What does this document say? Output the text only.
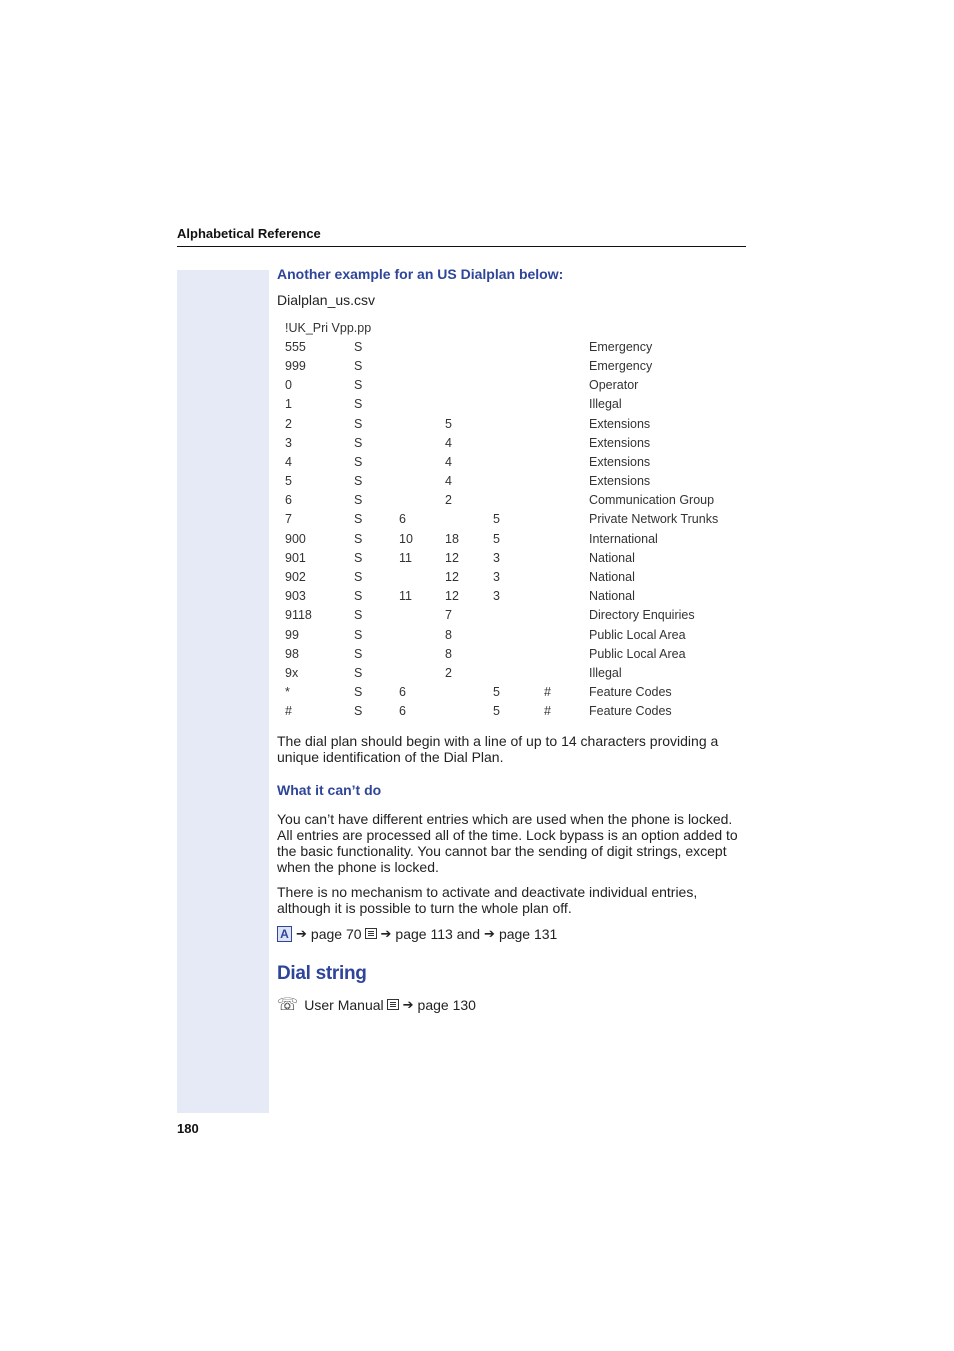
Alphabetical Reference
180

Another example for an US Dialplan below:

Dialplan_us.csv

!UK_Pri Vpp.pp						
555	S					Emergency
999	S					Emergency
0	S					Operator
1	S					Illegal
2	S		5			Extensions
3	S		4			Extensions
4	S		4			Extensions
5	S		4			Extensions
6	S		2			Communication Group
7	S	6		5		Private Network Trunks
900	S	10	18	5		International
901	S	11	12	3		National
902	S		12	3		National
903	S	11	12	3		National
9118	S		7			Directory Enquiries
99	S		8			Public Local Area
98	S		8			Public Local Area
9x	S		2			Illegal
*	S	6		5	#	Feature Codes
#	S	6		5	#	Feature Codes

The dial plan should begin with a line of up to 14 characters providing a unique identification of the Dial Plan.

What it can’t do

You can’t have different entries which are used when the phone is locked. All entries are processed all of the time. Lock bypass is an option added to the basic functionality. You cannot bar the sending of digit strings, except when the phone is locked.

There is no mechanism to activate and deactivate individual entries, although it is possible to turn the whole plan off.

A ➔ page 70 ➔ page 113 and ➔ page 131
Dial string
☏ User Manual ➔ page 130
